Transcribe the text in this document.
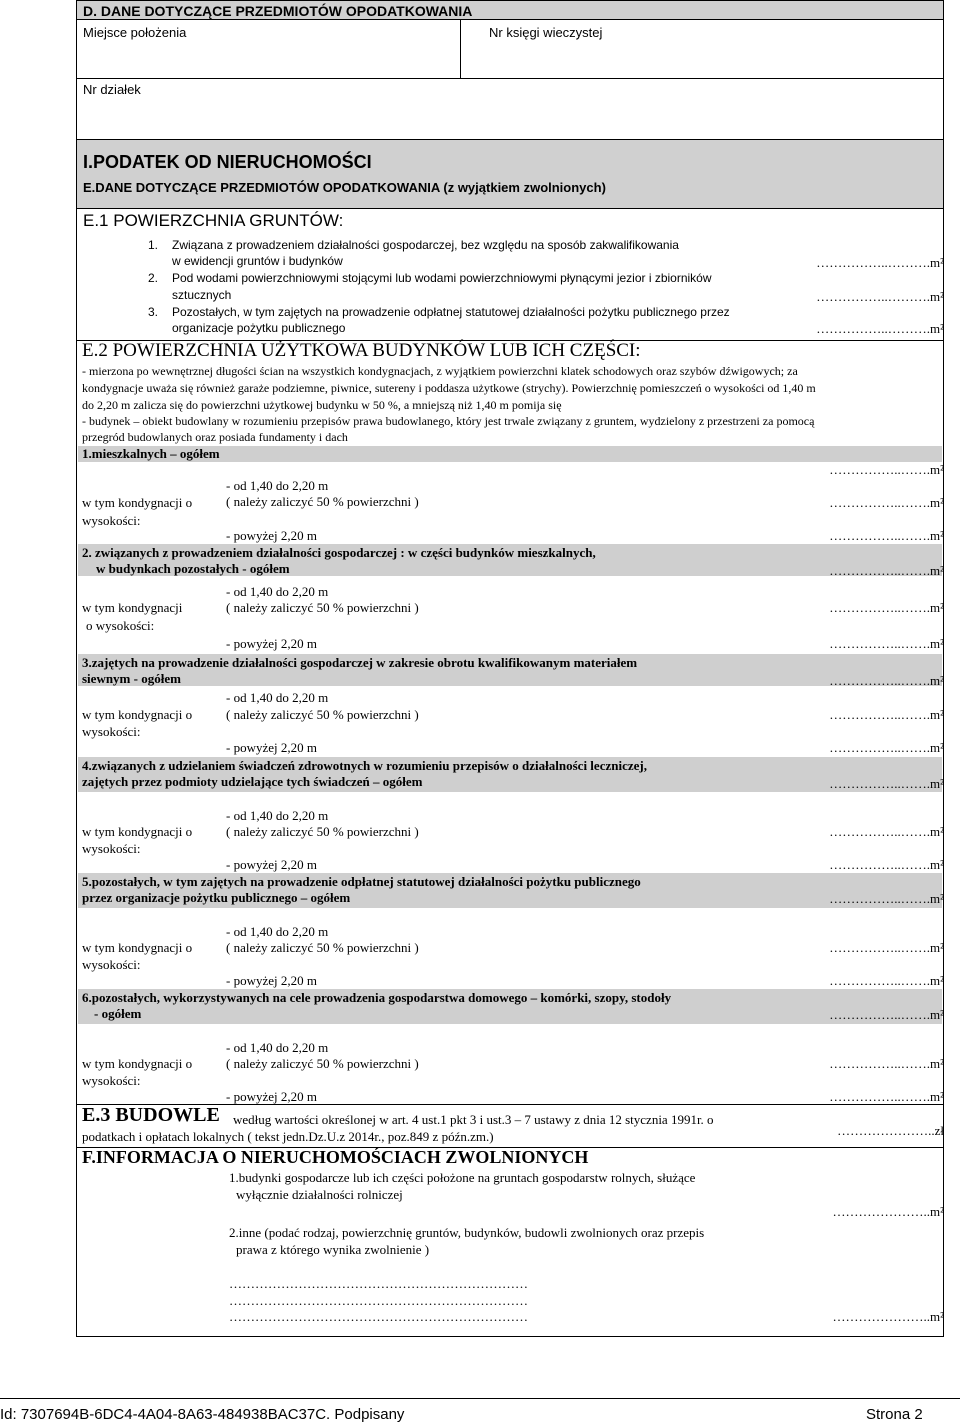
D. DANE DOTYCZĄCE PRZEDMIOTÓW OPODATKOWANIA
Miejsce położenia	Nr księgi wieczystej
Nr działek
I.PODATEK OD NIERUCHOMOŚCI
E.DANE DOTYCZĄCE PRZEDMIOTÓW OPODATKOWANIA (z wyjątkiem zwolnionych)
E.1 POWIERZCHNIA GRUNTÓW:
1. Związana z prowadzeniem działalności gospodarczej, bez względu na sposób zakwalifikowania
w ewidencji gruntów i budynków	……………..……….m²
2. Pod wodami powierzchniowymi stojącymi lub wodami powierzchniowymi płynącymi jezior i zbiorników
sztucznych	……………..……….m²
3. Pozostałych, w tym zajętych na prowadzenie odpłatnej statutowej działalności pożytku publicznego przez
organizacje pożytku publicznego	……………..……….m²
E.2 POWIERZCHNIA UŻYTKOWA BUDYNKÓW LUB ICH CZĘŚCI:
- mierzona po wewnętrznej długości ścian na wszystkich kondygnacjach, z wyjątkiem powierzchni klatek schodowych oraz szybów dźwigowych; za
kondygnacje uważa się również garaże podziemne, piwnice, sutereny i poddasza użytkowe (strychy). Powierzchnię pomieszczeń o wysokości od 1,40 m
do 2,20 m zalicza się do powierzchni użytkowej budynku w 50 %, a mniejszą niż 1,40 m pomija się
- budynek – obiekt budowlany w rozumieniu przepisów prawa budowlanego, który jest trwale związany z gruntem, wydzielony z przestrzeni za pomocą
przegród budowlanych oraz posiada fundamenty i dach
1.mieszkalnych – ogółem
……………..…….m²
w tym kondygnacji o
wysokości:
- od 1,40 do 2,20 m
( należy zaliczyć 50 % powierzchni )	……………..…….m²
- powyżej 2,20 m	……………..…….m²
2. związanych z prowadzeniem działalności gospodarczej : w części budynków mieszkalnych,
w budynkach pozostałych - ogółem	……………..…….m²
w tym kondygnacji
o wysokości:
- od 1,40 do 2,20 m
( należy zaliczyć 50 % powierzchni )	……………..…….m²
- powyżej 2,20 m	……………..…….m²
3.zajętych na prowadzenie działalności gospodarczej w zakresie obrotu kwalifikowanym materiałem
siewnym - ogółem	……………..…….m²
w tym kondygnacji o
wysokości:
- od 1,40 do 2,20 m
( należy zaliczyć 50 % powierzchni )	……………..…….m²
- powyżej 2,20 m	……………..…….m²
4.związanych z udzielaniem świadczeń zdrowotnych w rozumieniu przepisów o działalności leczniczej,
zajętych przez podmioty udzielające tych świadczeń – ogółem	……………..…….m²
w tym kondygnacji o
wysokości:
- od 1,40 do 2,20 m
( należy zaliczyć 50 % powierzchni )	……………..…….m²
- powyżej 2,20 m	……………..…….m²
5.pozostałych, w tym zajętych na prowadzenie odpłatnej statutowej działalności pożytku publicznego
przez organizacje pożytku publicznego – ogółem	……………..…….m²
w tym kondygnacji o
wysokości:
- od 1,40 do 2,20 m
( należy zaliczyć 50 % powierzchni )	……………..…….m²
- powyżej 2,20 m	……………..…….m²
6.pozostałych, wykorzystywanych na cele prowadzenia gospodarstwa domowego – komórki, szopy, stodoły
- ogółem	……………..…….m²
w tym kondygnacji o
wysokości:
- od 1,40 do 2,20 m
( należy zaliczyć 50 % powierzchni )	……………..…….m²
- powyżej 2,20 m	……………..…….m²
E.3 BUDOWLE według wartości określonej w art. 4 ust.1 pkt 3 i ust.3 – 7 ustawy z dnia 12 stycznia 1991r. o
podatkach i opłatach lokalnych ( tekst jedn.Dz.U.z 2014r., poz.849 z późn.zm.)	…………………..zł
F.INFORMACJA O NIERUCHOMOŚCIACH ZWOLNIONYCH
1.budynki gospodarcze lub ich części położone na gruntach gospodarstw rolnych, służące
wyłącznie działalności rolniczej
…………………..m²
2.inne (podać rodzaj, powierzchnię gruntów, budynków, budowli zwolnionych oraz przepis
prawa z którego wynika zwolnienie )
……………………………………………………………
……………………………………………………………
……………………………………………………………	…………………..m²
Id: 7307694B-6DC4-4A04-8A63-484938BAC37C. Podpisany	Strona 2
